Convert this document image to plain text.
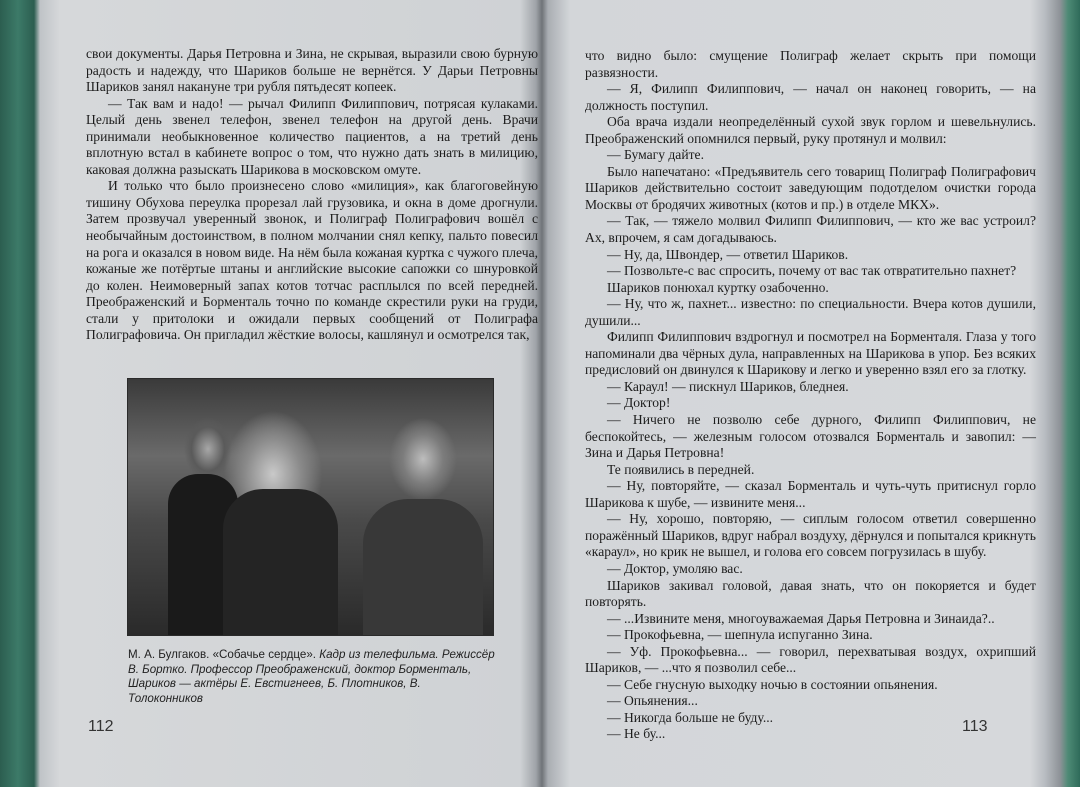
свои документы. Дарья Петровна и Зина, не скрывая, выразили свою бурную радость и надежду, что Шариков больше не вернётся. У Дарьи Петровны Шариков занял накануне три рубля пятьдесят копеек.

— Так вам и надо! — рычал Филипп Филиппович, потрясая кулаками. Целый день звенел телефон, звенел телефон на другой день. Врачи принимали необыкновенное количество пациентов, а на третий день вплотную встал в кабинете вопрос о том, что нужно дать знать в милицию, каковая должна разыскать Шарикова в московском омуте.

И только что было произнесено слово «милиция», как благоговейную тишину Обухова переулка прорезал лай грузовика, и окна в доме дрогнули. Затем прозвучал уверенный звонок, и Полиграф Полиграфович вошёл с необычайным достоинством, в полном молчании снял кепку, пальто повесил на рога и оказался в новом виде. На нём была кожаная куртка с чужого плеча, кожаные же потёртые штаны и английские высокие сапожки со шнуровкой до колен. Неимоверный запах котов тотчас расплылся по всей передней. Преображенский и Борменталь точно по команде скрестили руки на груди, стали у притолоки и ожидали первых сообщений от Полиграфа Полиграфовича. Он пригладил жёсткие волосы, кашлянул и осмотрелся так,

М. А. Булгаков. «Собачье сердце». Кадр из телефильма. Режиссёр В. Бортко. Профессор Преображенский, доктор Борменталь, Шариков — актёры Е. Евстигнеев, Б. Плотников, В. Толоконников
112

что видно было: смущение Полиграф желает скрыть при помощи развязности.

— Я, Филипп Филиппович, — начал он наконец говорить, — на должность поступил.

Оба врача издали неопределённый сухой звук горлом и шевельнулись. Преображенский опомнился первый, руку протянул и молвил:

— Бумагу дайте.

Было напечатано: «Предъявитель сего товарищ Полиграф Полиграфович Шариков действительно состоит заведующим подотделом очистки города Москвы от бродячих животных (котов и пр.) в отделе МКХ».

— Так, — тяжело молвил Филипп Филиппович, — кто же вас устроил? Ах, впрочем, я сам догадываюсь.

— Ну, да, Швондер, — ответил Шариков.

— Позвольте-с вас спросить, почему от вас так отвратительно пахнет?

Шариков понюхал куртку озабоченно.

— Ну, что ж, пахнет... известно: по специальности. Вчера котов душили, душили...

Филипп Филиппович вздрогнул и посмотрел на Борменталя. Глаза у того напоминали два чёрных дула, направленных на Шарикова в упор. Без всяких предисловий он двинулся к Шарикову и легко и уверенно взял его за глотку.

— Караул! — пискнул Шариков, бледнея.

— Доктор!

— Ничего не позволю себе дурного, Филипп Филиппович, не беспокойтесь, — железным голосом отозвался Борменталь и завопил: — Зина и Дарья Петровна!

Те появились в передней.

— Ну, повторяйте, — сказал Борменталь и чуть-чуть притиснул горло Шарикова к шубе, — извините меня...

— Ну, хорошо, повторяю, — сиплым голосом ответил совершенно поражённый Шариков, вдруг набрал воздуху, дёрнулся и попытался крикнуть «караул», но крик не вышел, и голова его совсем погрузилась в шубу.

— Доктор, умоляю вас.

Шариков закивал головой, давая знать, что он покоряется и будет повторять.

— ...Извините меня, многоуважаемая Дарья Петровна и Зинаида?..

— Прокофьевна, — шепнула испуганно Зина.

— Уф. Прокофьевна... — говорил, перехватывая воздух, охрипший Шариков, — ...что я позволил себе...

— Себе гнусную выходку ночью в состоянии опьянения.

— Опьянения...

— Никогда больше не буду...

— Не бу...	113
